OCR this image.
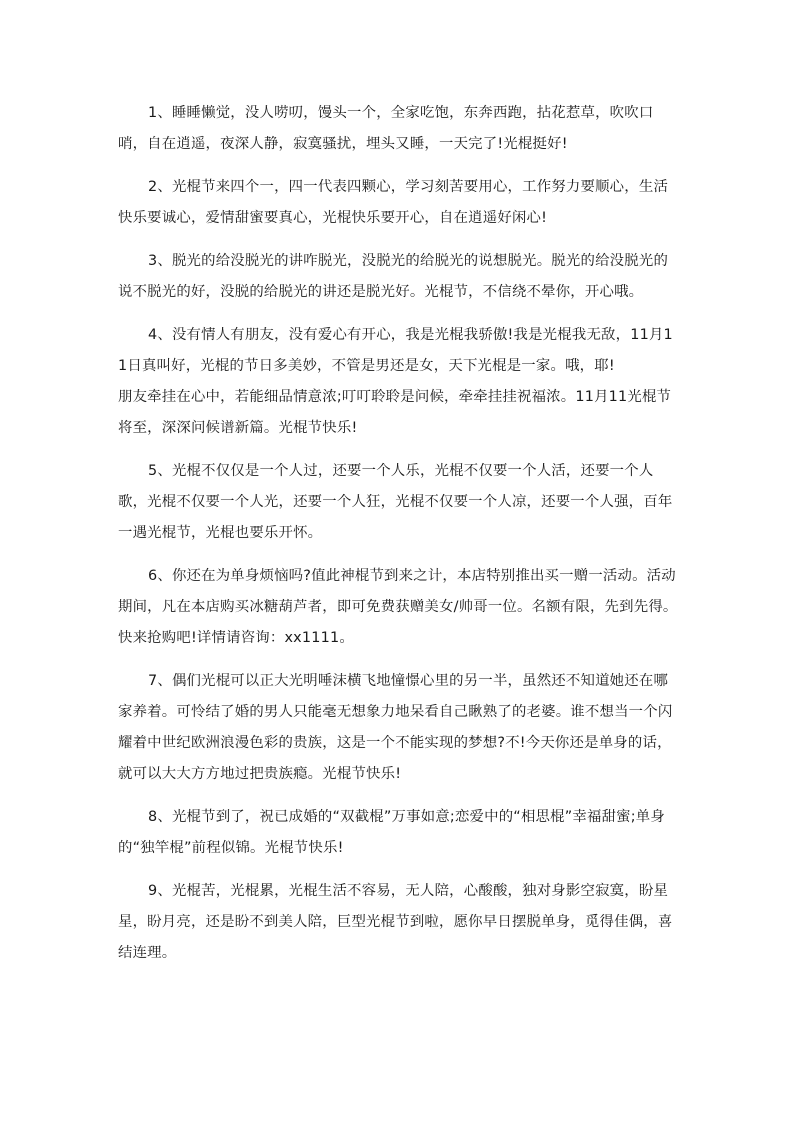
1、睡睡懒觉，没人唠叨，馒头一个，全家吃饱，东奔西跑，拈花惹草，吹吹口哨，自在逍遥，夜深人静，寂寞骚扰，埋头又睡，一天完了!光棍挺好!

2、光棍节来四个一，四一代表四颗心，学习刻苦要用心，工作努力要顺心，生活快乐要诚心，爱情甜蜜要真心，光棍快乐要开心，自在逍遥好闲心!

3、脱光的给没脱光的讲咋脱光，没脱光的给脱光的说想脱光。脱光的给没脱光的说不脱光的好，没脱的给脱光的讲还是脱光好。光棍节，不信绕不晕你，开心哦。

4、没有情人有朋友，没有爱心有开心，我是光棍我骄傲!我是光棍我无敌，11月11日真叫好，光棍的节日多美妙，不管是男还是女，天下光棍是一家。哦，耶!

朋友牵挂在心中，若能细品情意浓;叮叮聆聆是问候，牵牵挂挂祝福浓。11月11光棍节将至，深深问候谱新篇。光棍节快乐!

5、光棍不仅仅是一个人过，还要一个人乐，光棍不仅要一个人活，还要一个人歌，光棍不仅要一个人光，还要一个人狂，光棍不仅要一个人凉，还要一个人强，百年一遇光棍节，光棍也要乐开怀。

6、你还在为单身烦恼吗?值此神棍节到来之计，本店特别推出买一赠一活动。活动期间，凡在本店购买冰糖葫芦者，即可免费获赠美女/帅哥一位。名额有限，先到先得。快来抢购吧!详情请咨询：xx1111。

7、偶们光棍可以正大光明唾沫横飞地憧憬心里的另一半，虽然还不知道她还在哪家养着。可怜结了婚的男人只能毫无想象力地呆看自己瞅熟了的老婆。谁不想当一个闪耀着中世纪欧洲浪漫色彩的贵族，这是一个不能实现的梦想?不!今天你还是单身的话，就可以大大方方地过把贵族瘾。光棍节快乐!

8、光棍节到了，祝已成婚的“双截棍”万事如意;恋爱中的“相思棍”幸福甜蜜;单身的“独竿棍”前程似锦。光棍节快乐!

9、光棍苦，光棍累，光棍生活不容易，无人陪，心酸酸，独对身影空寂寞，盼星星，盼月亮，还是盼不到美人陪，巨型光棍节到啦，愿你早日摆脱单身，觅得佳偶，喜结连理。
